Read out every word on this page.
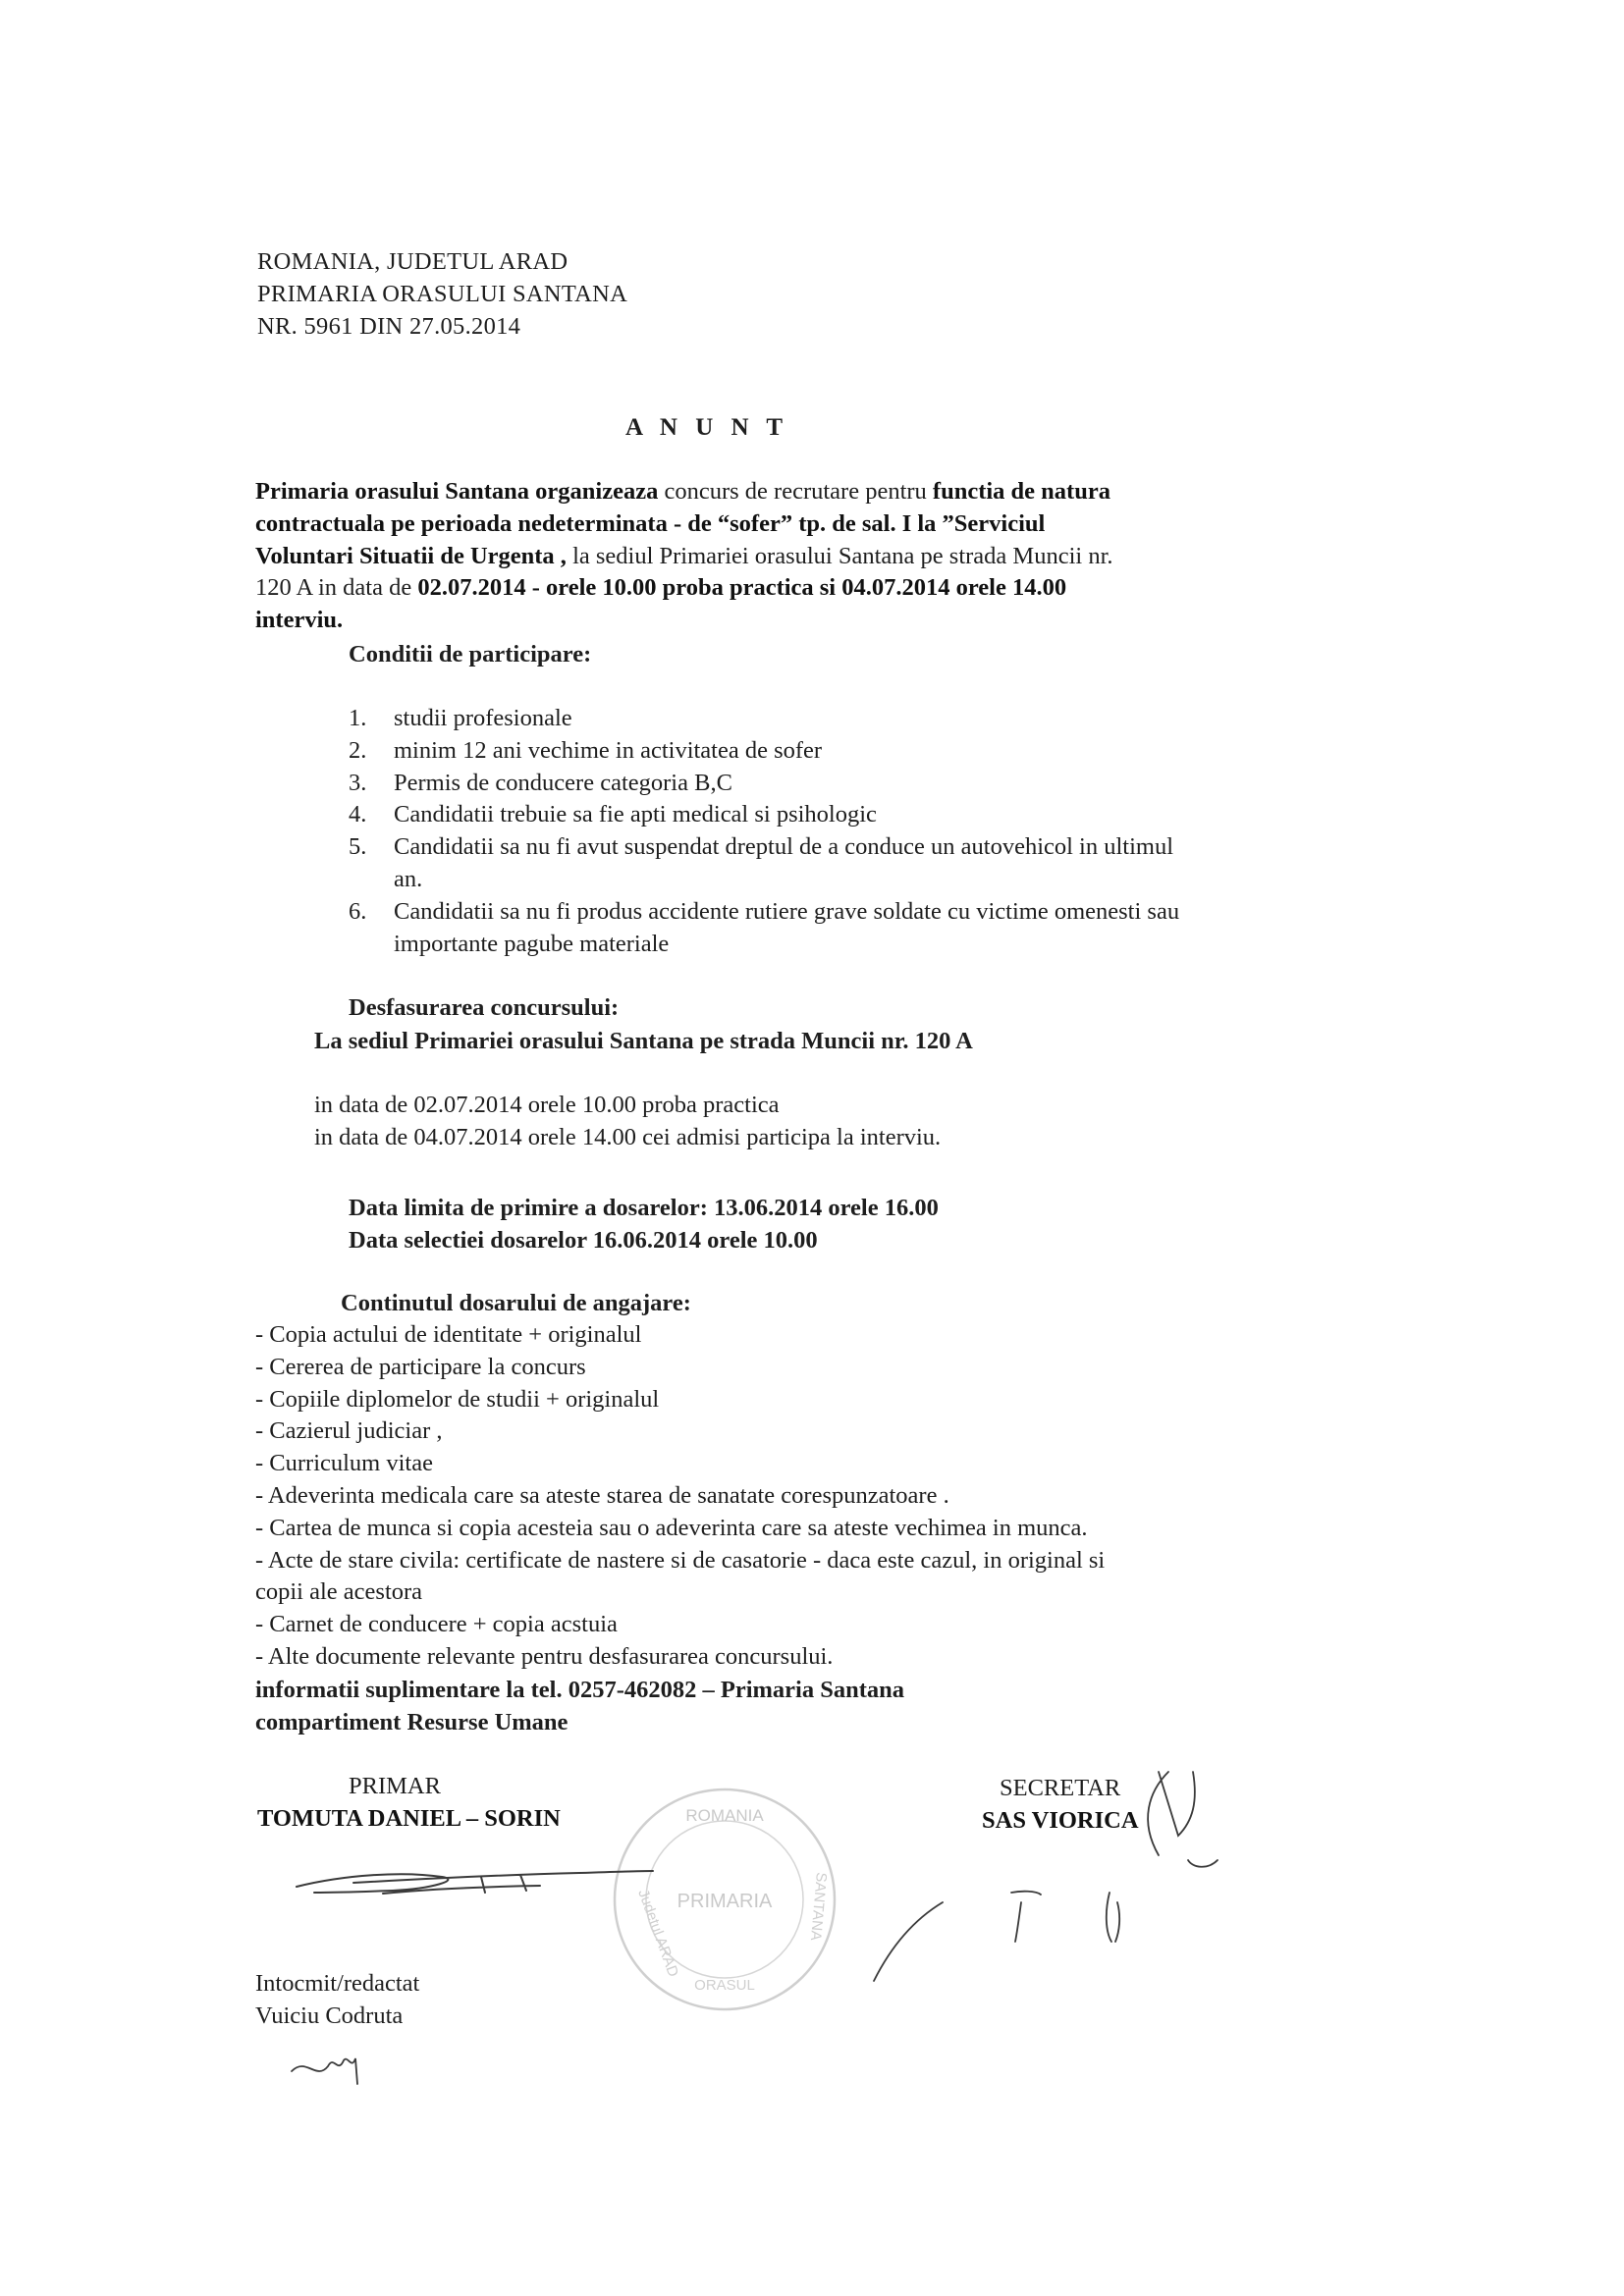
ROMANIA, JUDETUL ARAD
PRIMARIA ORASULUI SANTANA
NR. 5961 DIN 27.05.2014
A N U N T
Primaria orasului Santana organizeaza concurs de recrutare pentru functia de natura
contractuala pe perioada nedeterminata - de “sofer” tp. de sal. I la ”Serviciul
Voluntari Situatii de Urgenta , la sediul Primariei orasului Santana pe strada Muncii nr.
120 A in data de 02.07.2014 - orele 10.00 proba practica si 04.07.2014 orele 14.00
interviu.
Conditii de participare:
1. studii profesionale
2. minim 12 ani vechime in activitatea de sofer
3. Permis de conducere categoria B,C
4. Candidatii trebuie sa fie apti medical si psihologic
5. Candidatii sa nu fi avut suspendat dreptul de a conduce un autovehicol in ultimul
an.
6. Candidatii sa nu fi produs accidente rutiere grave soldate cu victime omenesti sau
importante pagube materiale
Desfasurarea concursului:
La sediul Primariei orasului Santana pe strada Muncii nr. 120 A
in data de 02.07.2014 orele 10.00 proba practica
in data de 04.07.2014 orele 14.00 cei admisi participa la interviu.
Data limita de primire a dosarelor: 13.06.2014 orele 16.00
Data selectiei dosarelor 16.06.2014 orele 10.00
Continutul dosarului de angajare:
- Copia actului de identitate + originalul
- Cererea de participare la concurs
- Copiile diplomelor de studii + originalul
- Cazierul judiciar ,
- Curriculum vitae
- Adeverinta medicala care sa ateste starea de sanatate corespunzatoare .
- Cartea de munca si copia acesteia sau o adeverinta care sa ateste vechimea in munca.
- Acte de stare civila: certificate de nastere si de casatorie - daca este cazul, in original si
copii ale acestora
- Carnet de conducere + copia acstuia
- Alte documente relevante pentru desfasurarea concursului.
informatii suplimentare la tel. 0257-462082 – Primaria Santana
compartiment Resurse Umane
PRIMAR
TOMUTA DANIEL – SORIN
SECRETAR
SAS VIORICA
Intocmit/redactat
Vuiciu Codruta
ROMANIA
PRIMARIA
Judetul ARAD	SANTANA
ORASUL
